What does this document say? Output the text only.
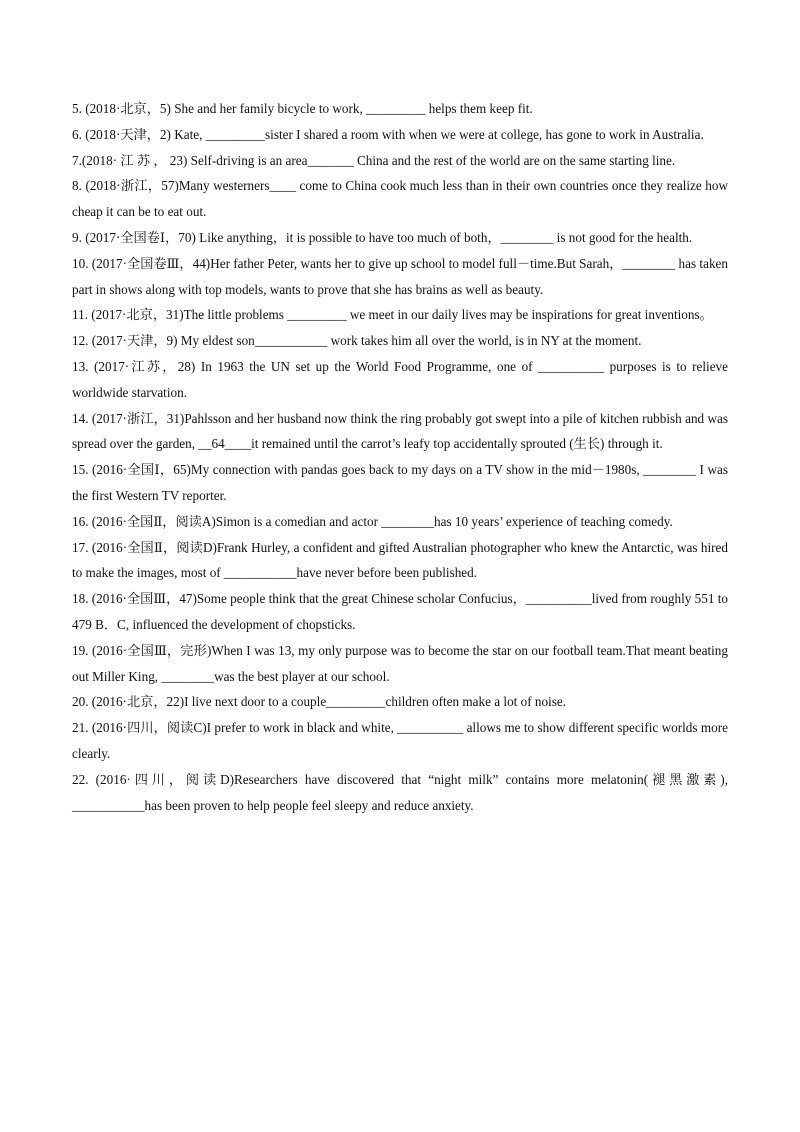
5. (2018·北京，5) She and her family bicycle to work, _________ helps them keep fit.

6. (2018·天津，2) Kate, _________sister I shared a room with when we were at college, has gone to work in Australia.

7.(2018· 江 苏 ， 23) Self-driving is an area_______ China and the rest of the world are on the same starting line.

8. (2018·浙江，57)Many westerners____ come to China cook much less than in their own countries once they realize how cheap it can be to eat out.

9. (2017·全国卷Ⅰ，70) Like anything，it is possible to have too much of both，________ is not good for the health.

10. (2017·全国卷Ⅲ，44)Her father Peter, wants her to give up school to model full－time.But Sarah，________ has taken part in shows along with top models, wants to prove that she has brains as well as beauty.

11. (2017·北京，31)The little problems _________ we meet in our daily lives may be inspirations for great inventions。

12. (2017·天津，9) My eldest son___________ work takes him all over the world, is in NY at the moment.

13. (2017·江苏，28) In 1963 the UN set up the World Food Programme, one of __________ purposes is to relieve worldwide starvation.

14. (2017·浙江，31)Pahlsson and her husband now think the ring probably got swept into a pile of kitchen rubbish and was spread over the garden, __64____it remained until the carrot’s leafy top accidentally sprouted (生长) through it.

15. (2016·全国Ⅰ，65)My connection with pandas goes back to my days on a TV show in the mid－1980s, ________ I was the first Western TV reporter.

16. (2016·全国Ⅱ，阅读A)Simon is a comedian and actor ________has 10 years’ experience of teaching comedy.

17. (2016·全国Ⅱ，阅读D)Frank Hurley, a confident and gifted Australian photographer who knew the Antarctic, was hired to make the images, most of ___________have never before been published.

18. (2016·全国Ⅲ，47)Some people think that the great Chinese scholar Confucius，__________lived from roughly 551 to 479 B．C, influenced the development of chopsticks.

19. (2016·全国Ⅲ，完形)When I was 13, my only purpose was to become the star on our football team.That meant beating out Miller King, ________was the best player at our school.

20. (2016·北京，22)I live next door to a couple_________children often make a lot of noise.

21. (2016·四川，阅读C)I prefer to work in black and white, __________ allows me to show different specific worlds more clearly.

22. (2016·四川，阅读D)Researchers have discovered that “night milk” contains more melatonin(褪黑激素), ___________has been proven to help people feel sleepy and reduce anxiety.
